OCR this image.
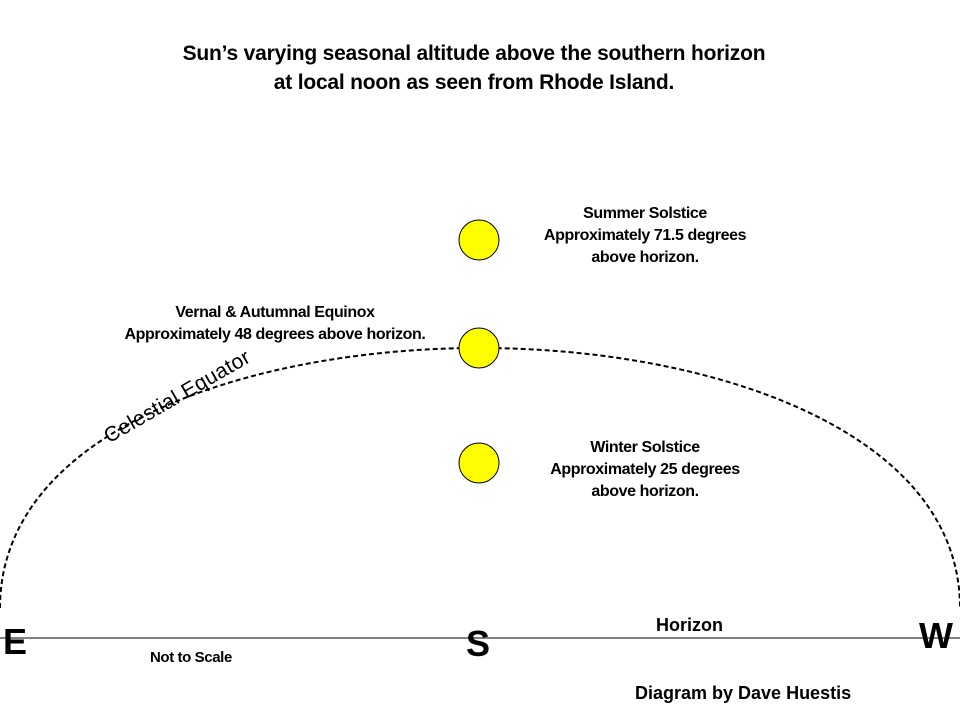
Sun’s varying seasonal altitude above the southern horizon
at local noon as seen from Rhode Island.
Summer Solstice
Approximately 71.5 degrees
above horizon.
Vernal & Autumnal Equinox
Approximately 48 degrees above horizon.
Winter Solstice
Approximately 25 degrees
above horizon.
Celestial Equator
E	S	W
Horizon
Not to Scale
Diagram by Dave Huestis
